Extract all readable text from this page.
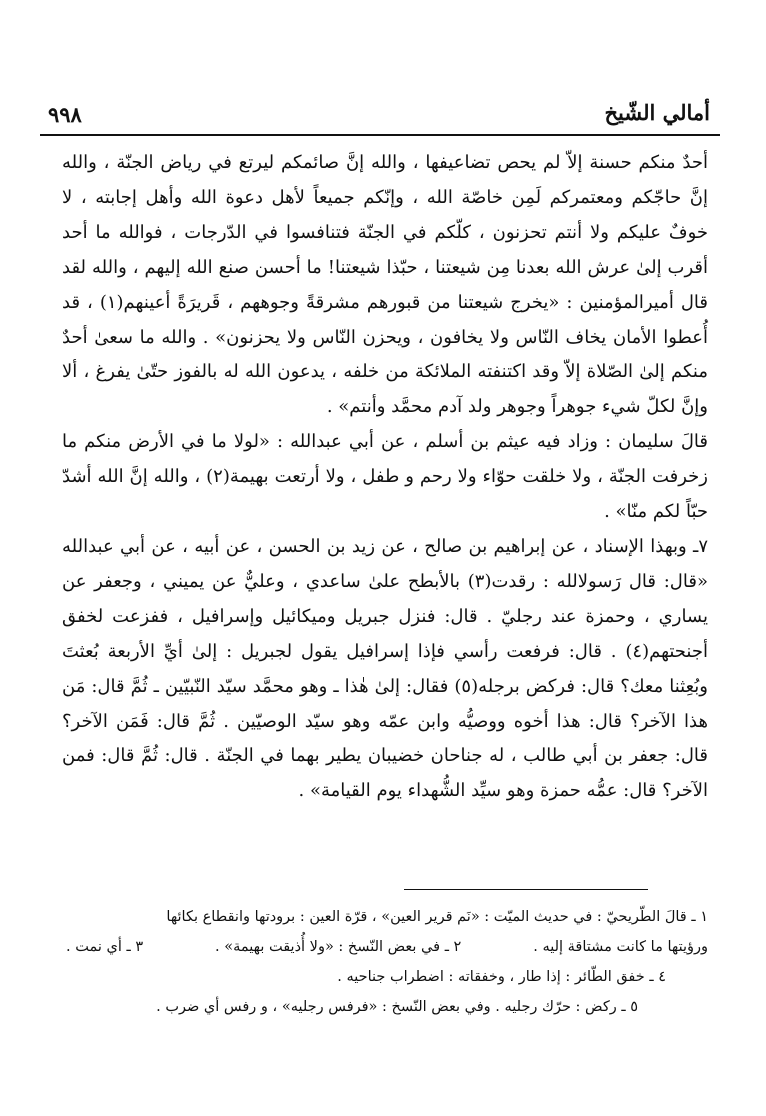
٩٩٨	أمالي الشّيخ

أحدٌ منكم حسنة إلاّ لم يحص تضاعيفها ، والله إنَّ صائمكم ليرتع في رياض الجنّة ، والله إنَّ حاجّكم ومعتمركم لَمِن خاصّة الله ، وإنّكم جميعاً لأهل دعوة الله وأهل إجابته ، لا خوفٌ عليكم ولا أنتم تحزنون ، كلّكم في الجنّة فتنافسوا في الدّرجات ، فوالله ما أحد أقرب إلىٰ عرش الله بعدنا مِن شيعتنا ، حبّذا شيعتنا! ما أحسن صنع الله إليهم ، والله لقد قال أميرالمؤمنين : «يخرج شيعتنا من قبورهم مشرقةً وجوههم ، قَريرَةً أعينهم(١) ، قد أُعطوا الأمان يخاف النّاس ولا يخافون ، ويحزن النّاس ولا يحزنون» . والله ما سعىٰ أحدٌ منكم إلىٰ الصّلاة إلاّ وقد اكتنفته الملائكة من خلفه ، يدعون الله له بالفوز حتّىٰ يفرغ ، ألا وإنَّ لكلّ شيء جوهراً وجوهر ولد آدم محمَّد وأنتم» .

قالَ سليمان : وزاد فيه عيثم بن أسلم ، عن أبي عبدالله : «لولا ما في الأرض منكم ما زخرفت الجنّة ، ولا خلقت حوّاء ولا رحم و طفل ، ولا أرتعت بهيمة(٢) ، والله إنَّ الله أشدّ حبّاً لكم منّا» .

٧ـ وبهذا الإسناد ، عن إبراهيم بن صالح ، عن زيد بن الحسن ، عن أبيه ، عن أبي عبدالله «قال: قال رَسولالله : رقدت(٣) بالأبطح علىٰ ساعدي ، وعليٌّ عن يميني ، وجعفر عن يساري ، وحمزة عند رجليّ . قال: فنزل جبريل وميكائيل وإسرافيل ، ففزعت لخفق أجنحتهم(٤) . قال: فرفعت رأسي فإذا إسرافيل يقول لجبريل : إلىٰ أيِّ الأربعة بُعثتَ وبُعِثنا معك؟ قال: فركض برجله(٥) فقال: إلىٰ هٰذا ـ وهو محمَّد سيّد النّبيّين ـ ثُمَّ قال: مَن هذا الآخر؟ قال: هذا أخوه ووصيُّه وابن عمّه وهو سيّد الوصيّين . ثُمَّ قال: فَمَن الآخر؟ قال: جعفر بن أبي طالب ، له جناحان خضيبان يطير بهما في الجنّة . قال: ثُمَّ قال: فمن الآخر؟ قال: عمُّه حمزة وهو سيِّد الشُّهداء يوم القيامة» .

١ ـ قالَ الطّريحيّ : في حديث الميّت : «نَم قرير العين» ، قرّة العين : برودتها وانقطاع بكائها

ورؤيتها ما كانت مشتاقة إليه .
٢ ـ في بعض النّسخ : «ولا أُذيقت بهيمة» .
٣ ـ أي نمت .

٤ ـ خفق الطّائر : إذا طار ، وخفقاته : اضطراب جناحيه .

٥ ـ ركض : حرّك رجليه . وفي بعض النّسخ : «فرفس رجليه» ، و رفس أي ضرب .
